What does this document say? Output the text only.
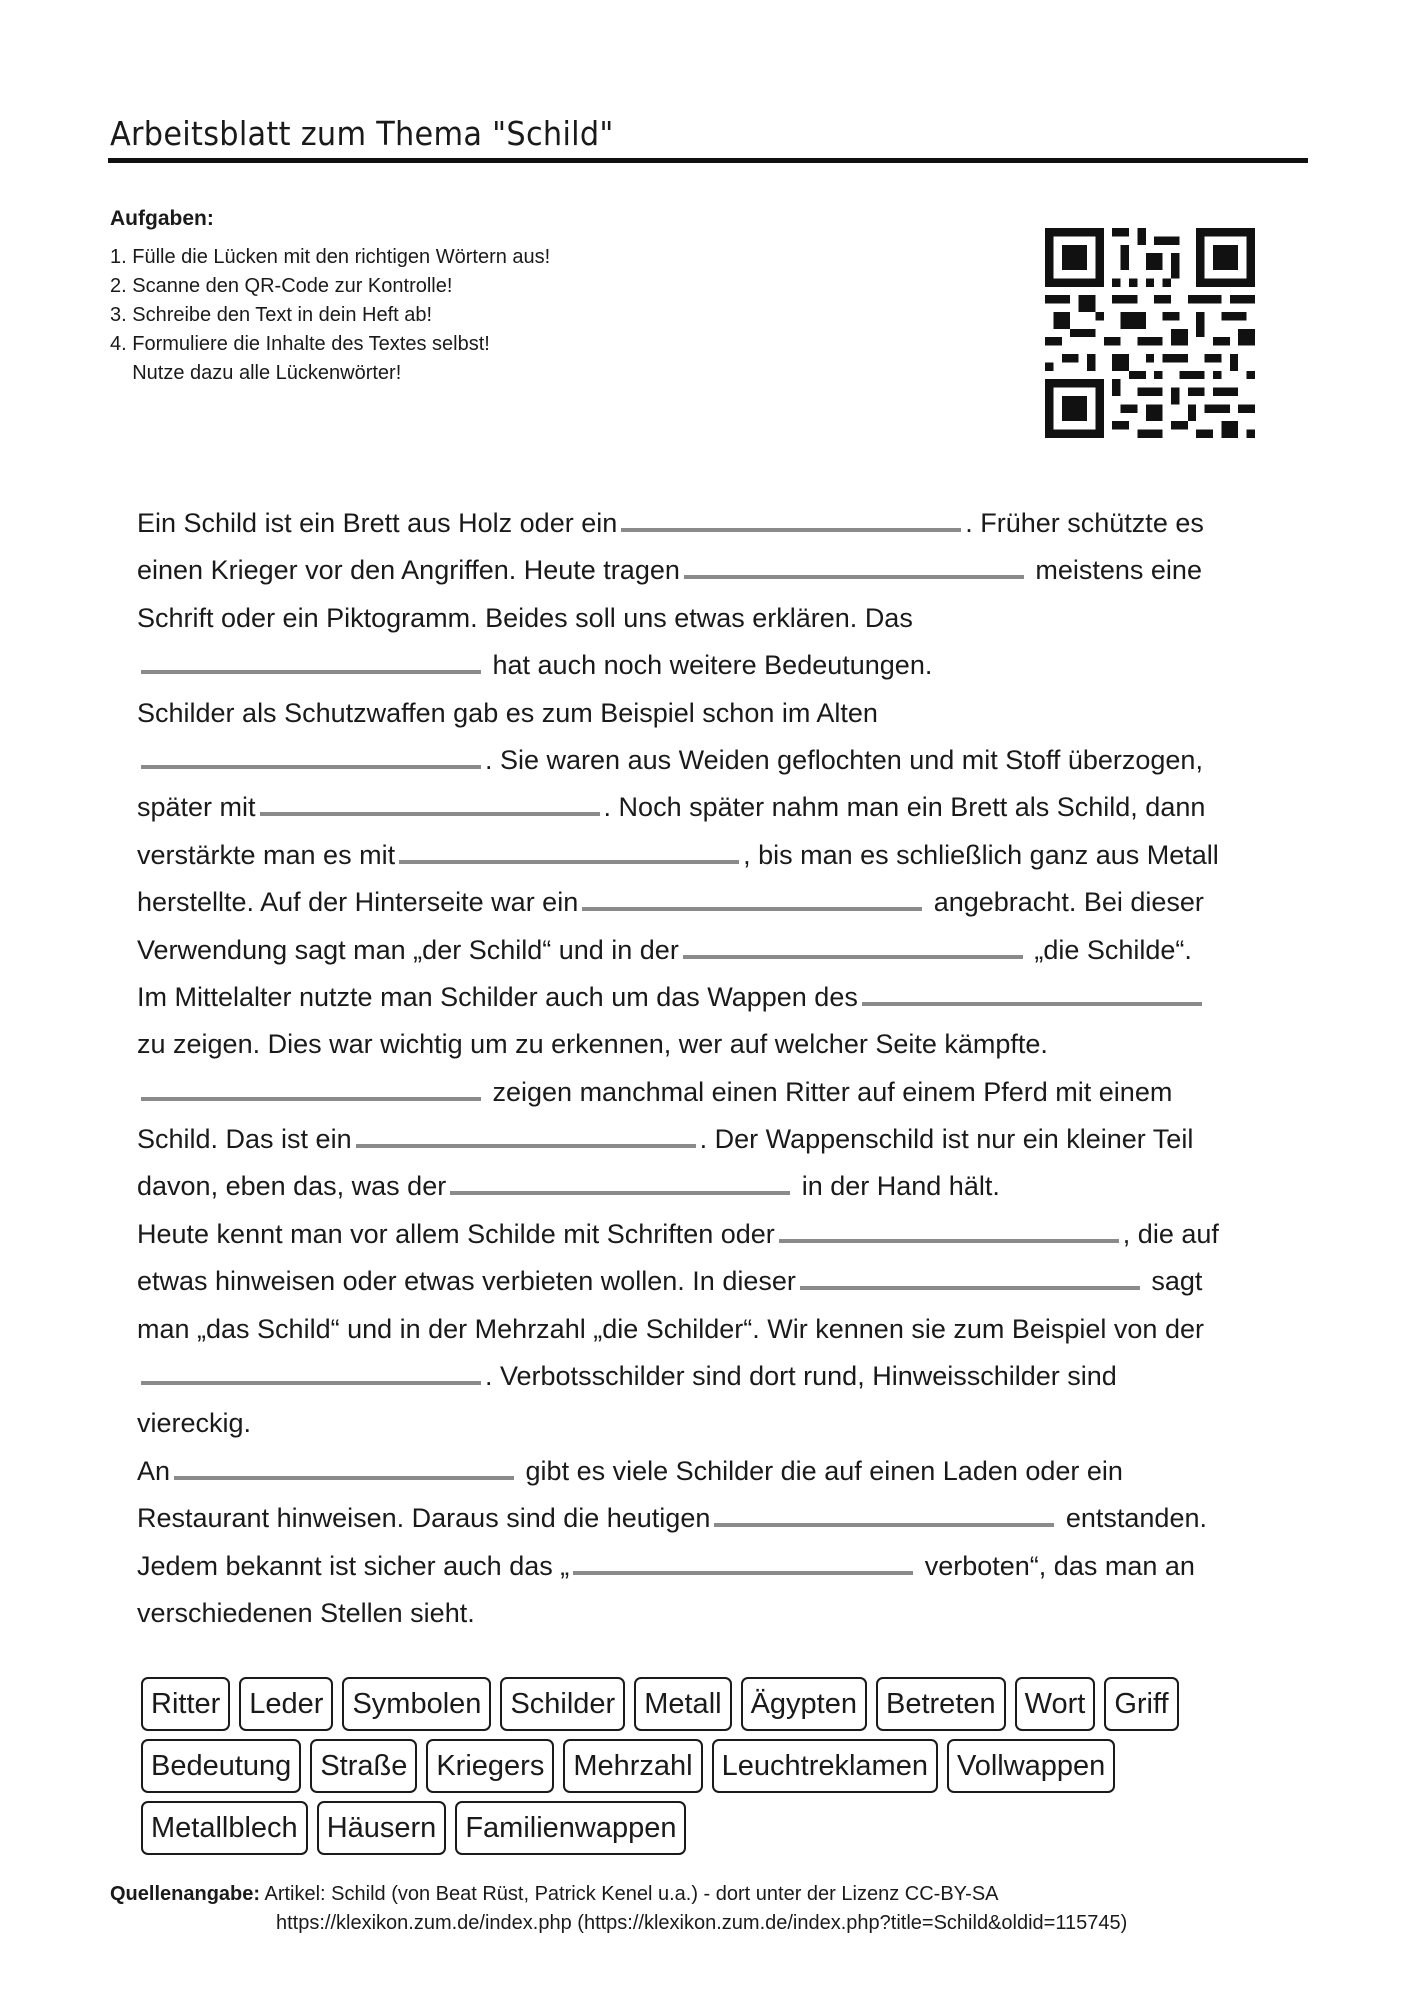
Arbeitsblatt zum Thema "Schild"
Aufgaben:
1. Fülle die Lücken mit den richtigen Wörtern aus!
2. Scanne den QR-Code zur Kontrolle!
3. Schreibe den Text in dein Heft ab!
4. Formuliere die Inhalte des Textes selbst!
Nutze dazu alle Lückenwörter!
Ein Schild ist ein Brett aus Holz oder ein	. Früher schützte es
einen Krieger vor den Angriffen. Heute tragen	meistens eine
Schrift oder ein Piktogramm. Beides soll uns etwas erklären. Das
hat auch noch weitere Bedeutungen.
Schilder als Schutzwaffen gab es zum Beispiel schon im Alten
. Sie waren aus Weiden geflochten und mit Stoff überzogen,
später mit	. Noch später nahm man ein Brett als Schild, dann
verstärkte man es mit	, bis man es schließlich ganz aus Metall
herstellte. Auf der Hinterseite war ein	angebracht. Bei dieser
Verwendung sagt man „der Schild“ und in der	„die Schilde“.
Im Mittelalter nutzte man Schilder auch um das Wappen des
zu zeigen. Dies war wichtig um zu erkennen, wer auf welcher Seite kämpfte.
zeigen manchmal einen Ritter auf einem Pferd mit einem
Schild. Das ist ein	. Der Wappenschild ist nur ein kleiner Teil
davon, eben das, was der	in der Hand hält.
Heute kennt man vor allem Schilde mit Schriften oder	, die auf
etwas hinweisen oder etwas verbieten wollen. In dieser	sagt
man „das Schild“ und in der Mehrzahl „die Schilder“. Wir kennen sie zum Beispiel von der
. Verbotsschilder sind dort rund, Hinweisschilder sind
viereckig.
An	gibt es viele Schilder die auf einen Laden oder ein
Restaurant hinweisen. Daraus sind die heutigen	entstanden.
Jedem bekannt ist sicher auch das „	verboten“, das man an
verschiedenen Stellen sieht.
Ritter	Leder	Symbolen	Schilder	Metall	Ägypten	Betreten	Wort	Griff
Bedeutung	Straße	Kriegers	Mehrzahl	Leuchtreklamen	Vollwappen
Metallblech	Häusern	Familienwappen
Quellenangabe: Artikel: Schild (von Beat Rüst, Patrick Kenel u.a.) - dort unter der Lizenz CC-BY-SA
https://klexikon.zum.de/index.php (https://klexikon.zum.de/index.php?title=Schild&oldid=115745)
